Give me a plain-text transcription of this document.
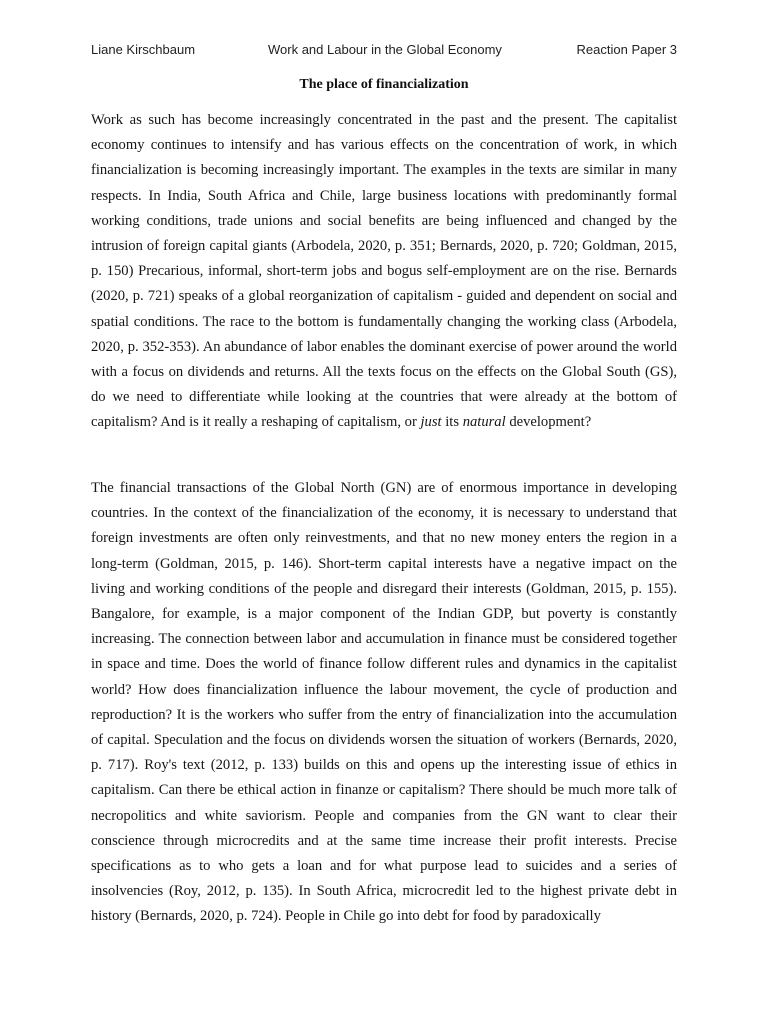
Liane Kirschbaum	Work and Labour in the Global Economy	Reaction Paper 3
The place of financialization

Work as such has become increasingly concentrated in the past and the present. The capitalist economy continues to intensify and has various effects on the concentration of work, in which financialization is becoming increasingly important. The examples in the texts are similar in many respects. In India, South Africa and Chile, large business locations with predominantly formal working conditions, trade unions and social benefits are being influenced and changed by the intrusion of foreign capital giants (Arbodela, 2020, p. 351; Bernards, 2020, p. 720; Goldman, 2015, p. 150) Precarious, informal, short-term jobs and bogus self-employment are on the rise. Bernards (2020, p. 721) speaks of a global reorganization of capitalism - guided and dependent on social and spatial conditions. The race to the bottom is fundamentally changing the working class (Arbodela, 2020, p. 352-353). An abundance of labor enables the dominant exercise of power around the world with a focus on dividends and returns. All the texts focus on the effects on the Global South (GS), do we need to differentiate while looking at the countries that were already at the bottom of capitalism? And is it really a reshaping of capitalism, or just its natural development?

The financial transactions of the Global North (GN) are of enormous importance in developing countries. In the context of the financialization of the economy, it is necessary to understand that foreign investments are often only reinvestments, and that no new money enters the region in a long-term (Goldman, 2015, p. 146). Short-term capital interests have a negative impact on the living and working conditions of the people and disregard their interests (Goldman, 2015, p. 155). Bangalore, for example, is a major component of the Indian GDP, but poverty is constantly increasing. The connection between labor and accumulation in finance must be considered together in space and time. Does the world of finance follow different rules and dynamics in the capitalist world? How does financialization influence the labour movement, the cycle of production and reproduction? It is the workers who suffer from the entry of financialization into the accumulation of capital. Speculation and the focus on dividends worsen the situation of workers (Bernards, 2020, p. 717). Roy's text (2012, p. 133) builds on this and opens up the interesting issue of ethics in capitalism. Can there be ethical action in finanze or capitalism? There should be much more talk of necropolitics and white saviorism. People and companies from the GN want to clear their conscience through microcredits and at the same time increase their profit interests. Precise specifications as to who gets a loan and for what purpose lead to suicides and a series of insolvencies (Roy, 2012, p. 135). In South Africa, microcredit led to the highest private debt in history (Bernards, 2020, p. 724). People in Chile go into debt for food by paradoxically
